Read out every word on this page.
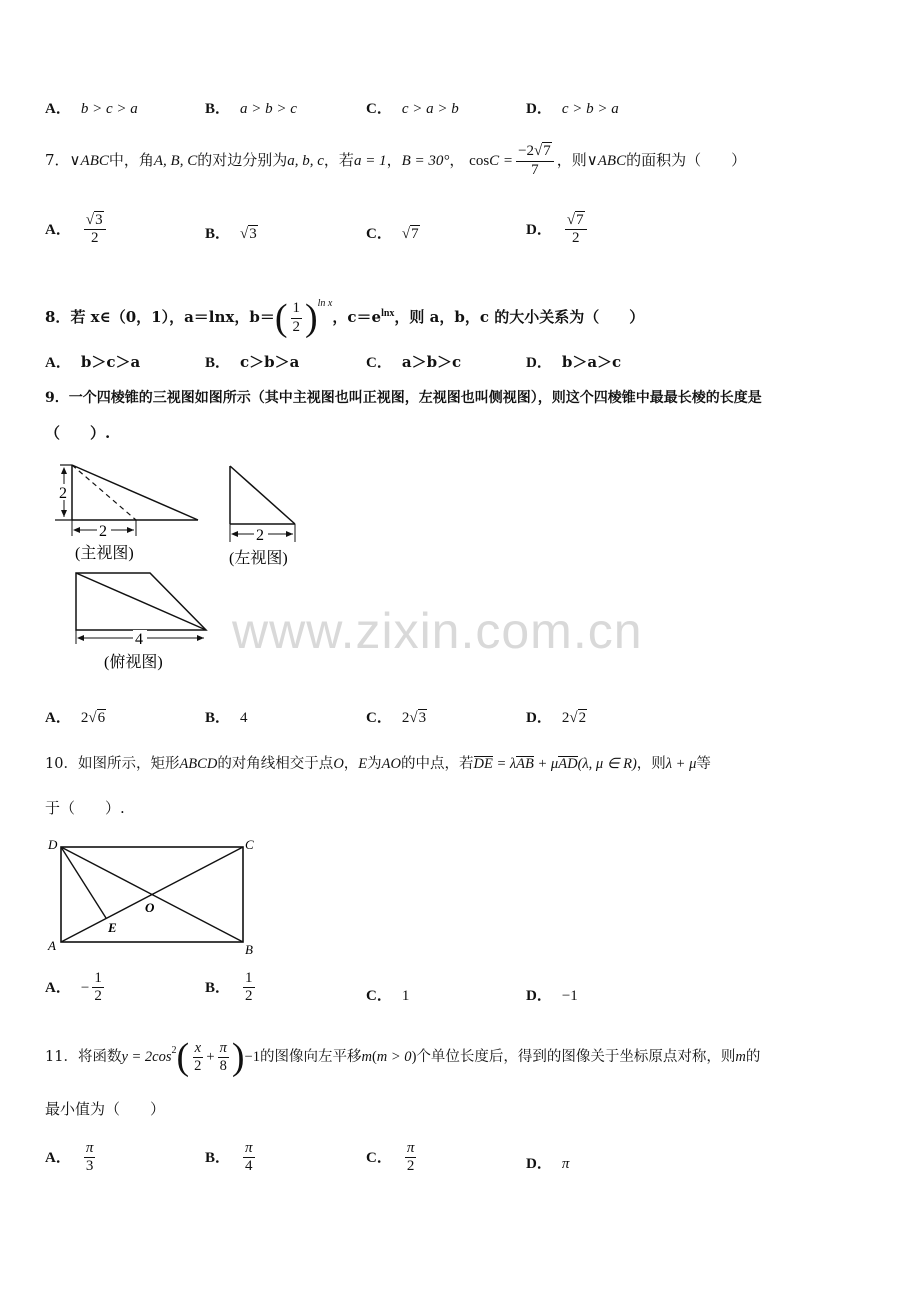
www.zixin.com.cn
A． b > c > a	B． a > b > c	C． c > a > b	D． c > b > a
7．∨ABC中，角A, B, C的对边分别为a, b, c，若a = 1，B = 30°， $\cos C = \frac{-2√7}{7}$ ，则∨ABC的面积为（　　）
A． $\frac{√3}{2}$	B． √3	C． √7	D． $\frac{√7}{2}$
8．若 x∈（0，1），a＝lnx，$b=( \frac{1}{2} )^{ln x}$，$c=e^{lnx}$，则 a，b，c 的大小关系为（　　）
A． b＞c＞a	B． c＞b＞a	C． a＞b＞c	D． b＞a＞c
9．一个四棱锥的三视图如图所示（其中主视图也叫正视图，左视图也叫侧视图），则这个四棱锥中最最长棱的长度是
（　　）.
2
2
(主视图)
2
(左视图)
4
(俯视图)
A． 2√6	B． 4	C． 2√3	D． 2√2
10．如图所示，矩形ABCD的对角线相交于点O，E为AO的中点，若DE = λAB + μAD(λ, μ ∈ R)，则λ + μ等
于（　　）.
D	C
A	B
O
E
A． − $\frac{1}{2}$	B． $\frac{1}{2}$	C． 1	D． −1
11．将函数$y = 2\cos^2( \frac{x}{2} + \frac{\pi}{8} )-1$的图像向左平移m(m > 0)个单位长度后，得到的图像关于坐标原点对称，则m的
最小值为（　　）
A． $\frac{\pi}{3}$	B． $\frac{\pi}{4}$	C． $\frac{\pi}{2}$	D． π
